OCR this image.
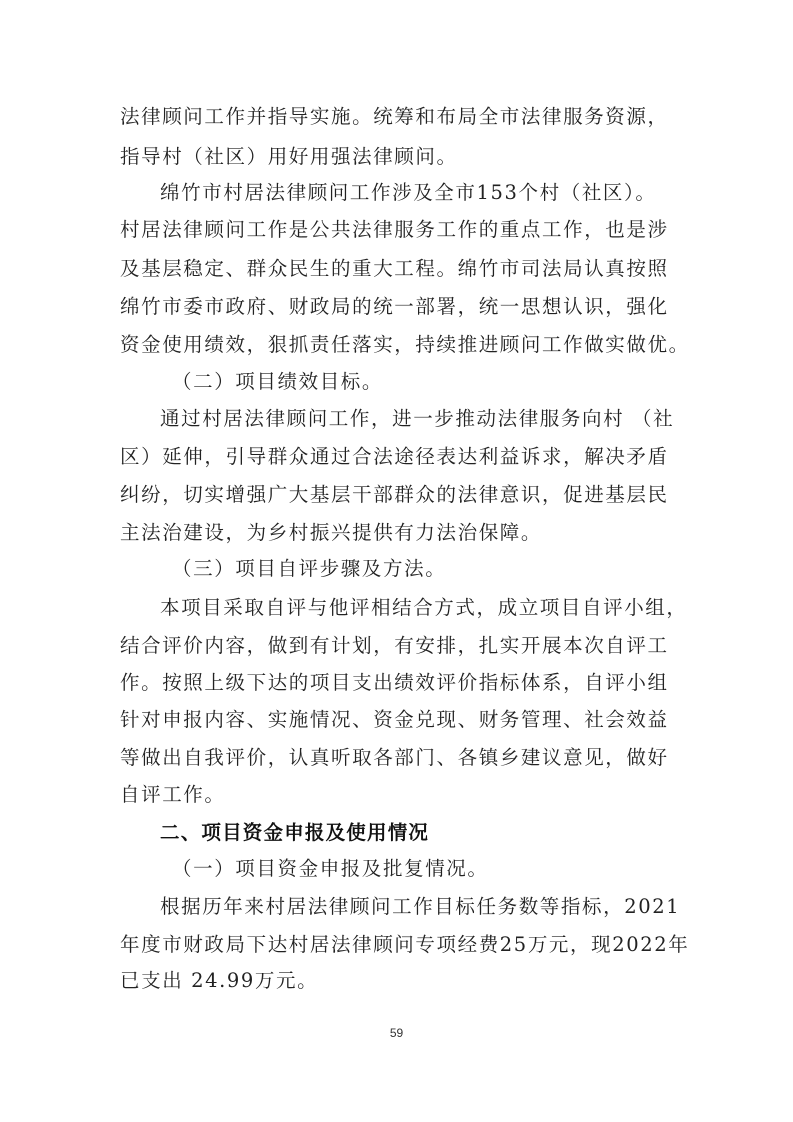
法律顾问工作并指导实施。统筹和布局全市法律服务资源，
指导村（社区）用好用强法律顾问。
绵竹市村居法律顾问工作涉及全市153个村（社区）。
村居法律顾问工作是公共法律服务工作的重点工作，也是涉
及基层稳定、群众民生的重大工程。绵竹市司法局认真按照
绵竹市委市政府、财政局的统一部署，统一思想认识，强化
资金使用绩效，狠抓责任落实，持续推进顾问工作做实做优。
（二）项目绩效目标。
通过村居法律顾问工作，进一步推动法律服务向村 （社
区）延伸，引导群众通过合法途径表达利益诉求，解决矛盾
纠纷，切实增强广大基层干部群众的法律意识，促进基层民
主法治建设，为乡村振兴提供有力法治保障。
（三）项目自评步骤及方法。
本项目采取自评与他评相结合方式，成立项目自评小组，
结合评价内容，做到有计划，有安排，扎实开展本次自评工
作。按照上级下达的项目支出绩效评价指标体系，自评小组
针对申报内容、实施情况、资金兑现、财务管理、社会效益
等做出自我评价，认真听取各部门、各镇乡建议意见，做好
自评工作。
二、项目资金申报及使用情况
（一）项目资金申报及批复情况。
根据历年来村居法律顾问工作目标任务数等指标，2021
年度市财政局下达村居法律顾问专项经费25万元，现2022年
已支出 24.99万元。
59
